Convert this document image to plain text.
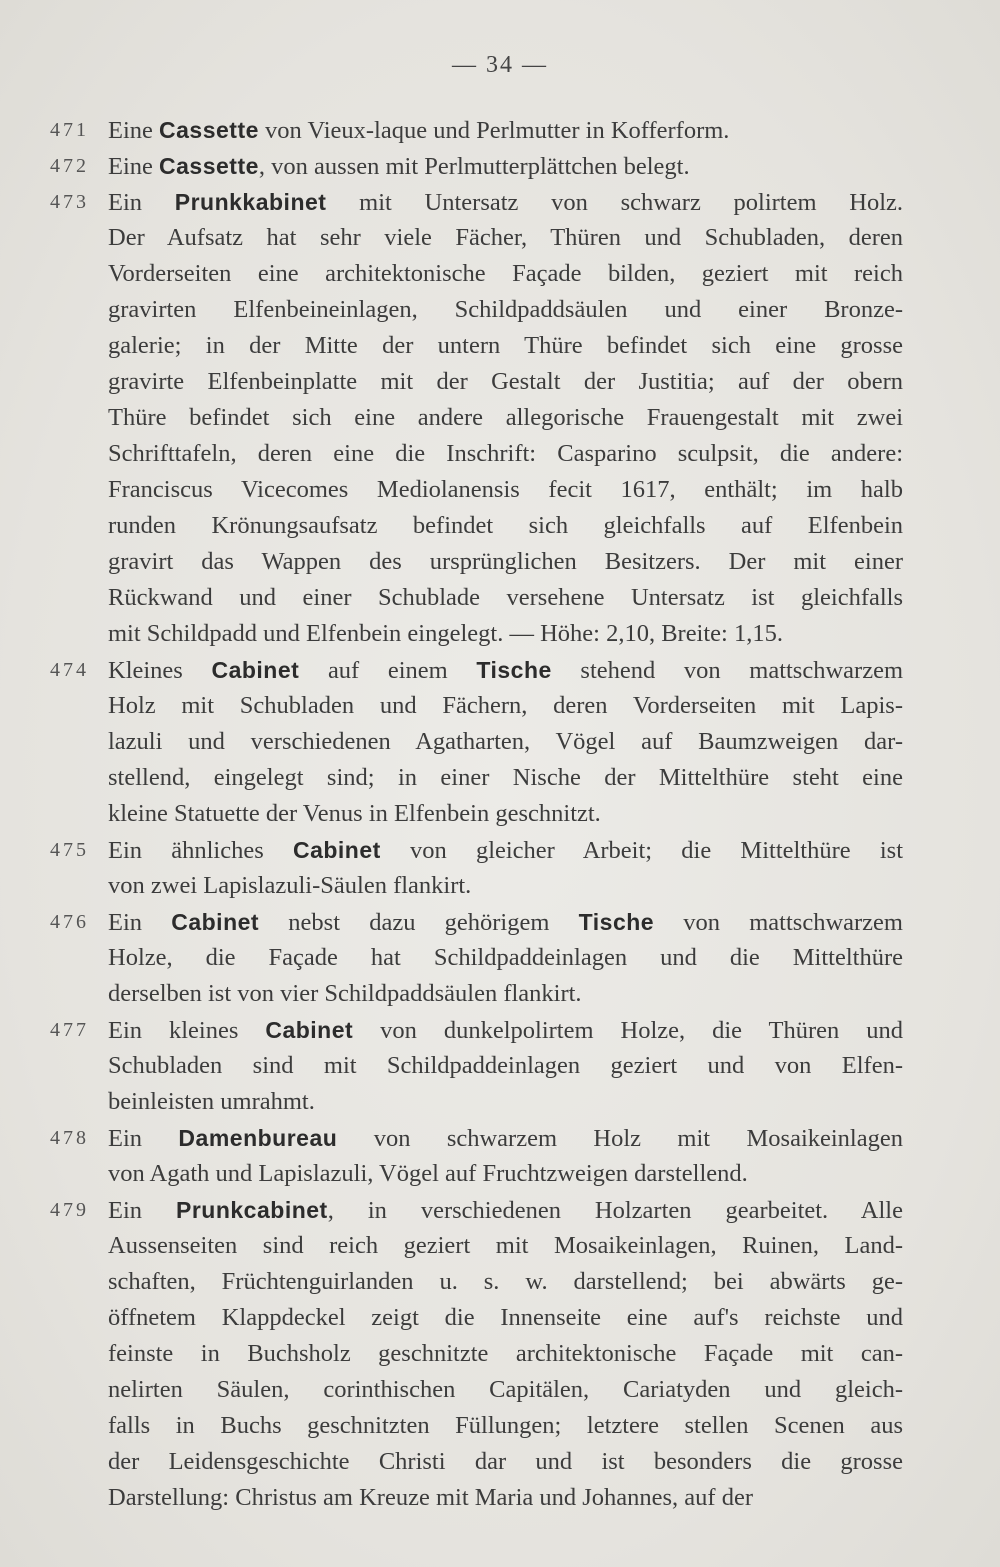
— 34 —
471 Eine Cassette von Vieux-laque und Perlmutter in Kofferform.
472 Eine Cassette, von aussen mit Perlmutterplättchen belegt.
473 Ein Prunkkabinet mit Untersatz von schwarz polirtem Holz.
Der Aufsatz hat sehr viele Fächer, Thüren und Schubladen, deren
Vorderseiten eine architektonische Façade bilden, geziert mit reich
gravirten Elfenbeineinlagen, Schildpaddsäulen und einer Bronze-
galerie; in der Mitte der untern Thüre befindet sich eine grosse
gravirte Elfenbeinplatte mit der Gestalt der Justitia; auf der obern
Thüre befindet sich eine andere allegorische Frauengestalt mit zwei
Schrifttafeln, deren eine die Inschrift: Casparino sculpsit, die andere:
Franciscus Vicecomes Mediolanensis fecit 1617, enthält; im halb
runden Krönungsaufsatz befindet sich gleichfalls auf Elfenbein
gravirt das Wappen des ursprünglichen Besitzers. Der mit einer
Rückwand und einer Schublade versehene Untersatz ist gleichfalls
mit Schildpadd und Elfenbein eingelegt. — Höhe: 2,10, Breite: 1,15.
474 Kleines Cabinet auf einem Tische stehend von mattschwarzem
Holz mit Schubladen und Fächern, deren Vorderseiten mit Lapis-
lazuli und verschiedenen Agatharten, Vögel auf Baumzweigen dar-
stellend, eingelegt sind; in einer Nische der Mittelthüre steht eine
kleine Statuette der Venus in Elfenbein geschnitzt.
475 Ein ähnliches Cabinet von gleicher Arbeit; die Mittelthüre ist
von zwei Lapislazuli-Säulen flankirt.
476 Ein Cabinet nebst dazu gehörigem Tische von mattschwarzem
Holze, die Façade hat Schildpaddeinlagen und die Mittelthüre
derselben ist von vier Schildpaddsäulen flankirt.
477 Ein kleines Cabinet von dunkelpolirtem Holze, die Thüren und
Schubladen sind mit Schildpaddeinlagen geziert und von Elfen-
beinleisten umrahmt.
478 Ein Damenbureau von schwarzem Holz mit Mosaikeinlagen
von Agath und Lapislazuli, Vögel auf Fruchtzweigen darstellend.
479 Ein Prunkcabinet, in verschiedenen Holzarten gearbeitet. Alle
Aussenseiten sind reich geziert mit Mosaikeinlagen, Ruinen, Land-
schaften, Früchtenguirlanden u. s. w. darstellend; bei abwärts ge-
öffnetem Klappdeckel zeigt die Innenseite eine auf's reichste und
feinste in Buchsholz geschnitzte architektonische Façade mit can-
nelirten Säulen, corinthischen Capitälen, Cariatyden und gleich-
falls in Buchs geschnitzten Füllungen; letztere stellen Scenen aus
der Leidensgeschichte Christi dar und ist besonders die grosse
Darstellung: Christus am Kreuze mit Maria und Johannes, auf der
